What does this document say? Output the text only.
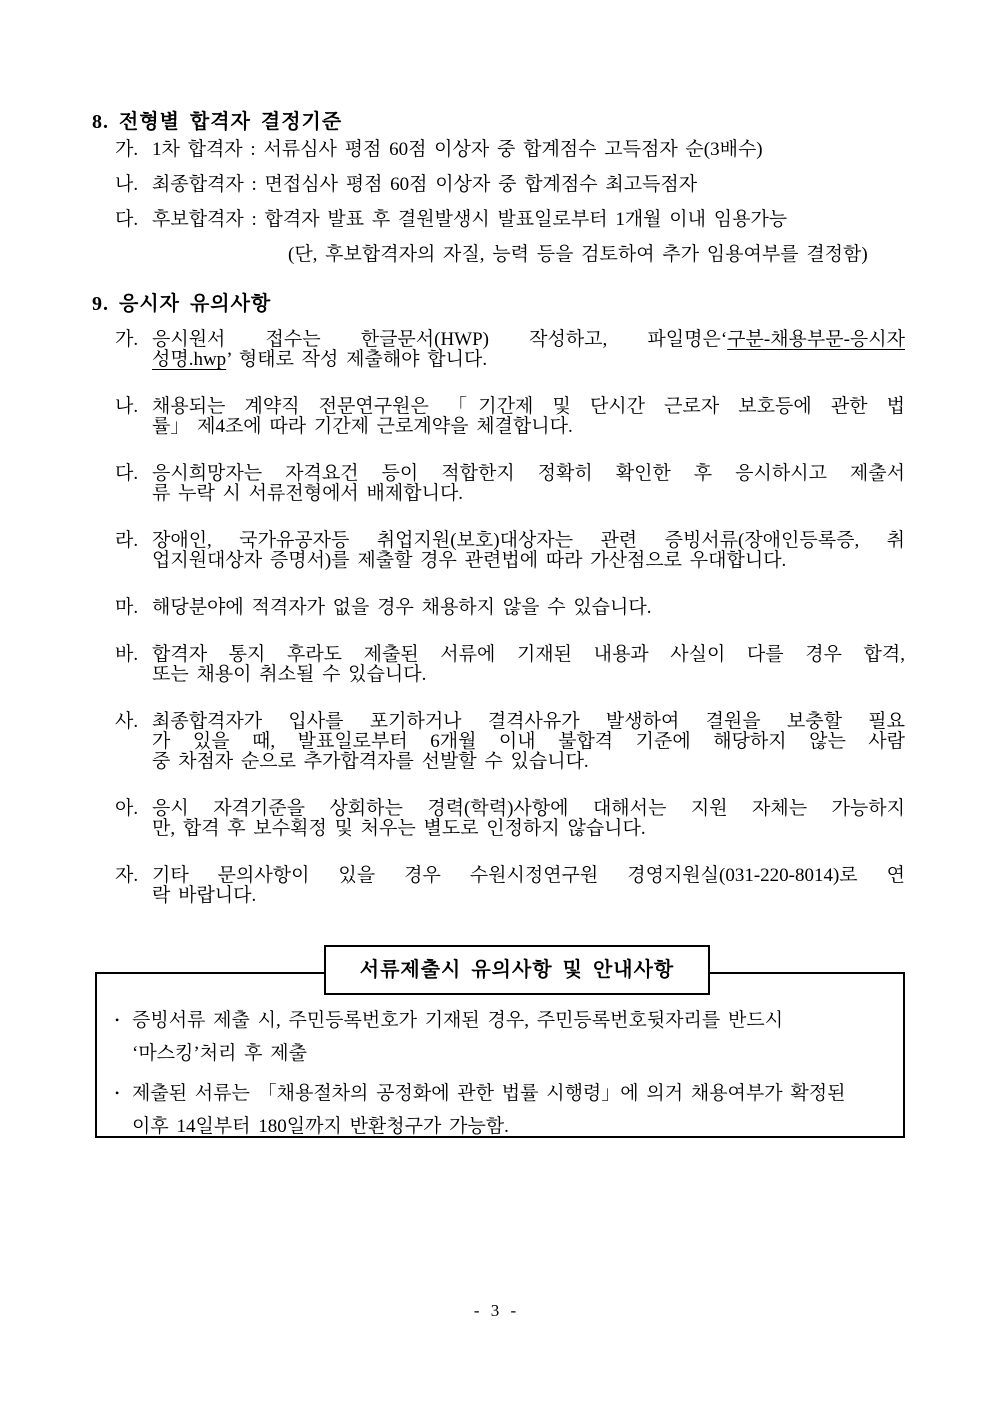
8. 전형별 합격자 결정기준
가. 1차 합격자 : 서류심사 평점 60점 이상자 중 합계점수 고득점자 순(3배수)
나. 최종합격자 : 면접심사 평점 60점 이상자 중 합계점수 최고득점자
다. 후보합격자 : 합격자 발표 후 결원발생시 발표일로부터 1개월 이내 임용가능
(단, 후보합격자의 자질, 능력 등을 검토하여 추가 임용여부를 결정함)
9. 응시자 유의사항
가. 응시원서 접수는 한글문서(HWP) 작성하고, 파일명은‘구분-채용부문-응시자
성명.hwp’ 형태로 작성 제출해야 합니다.
나. 채용되는 계약직 전문연구원은 「기간제 및 단시간 근로자 보호등에 관한 법
률」 제4조에 따라 기간제 근로계약을 체결합니다.
다. 응시희망자는 자격요건 등이 적합한지 정확히 확인한 후 응시하시고 제출서
류 누락 시 서류전형에서 배제합니다.
라. 장애인, 국가유공자등 취업지원(보호)대상자는 관련 증빙서류(장애인등록증, 취
업지원대상자 증명서)를 제출할 경우 관련법에 따라 가산점으로 우대합니다.
마. 해당분야에 적격자가 없을 경우 채용하지 않을 수 있습니다.
바. 합격자 통지 후라도 제출된 서류에 기재된 내용과 사실이 다를 경우 합격,
또는 채용이 취소될 수 있습니다.
사. 최종합격자가 입사를 포기하거나 결격사유가 발생하여 결원을 보충할 필요
가 있을 때, 발표일로부터 6개월 이내 불합격 기준에 해당하지 않는 사람
중 차점자 순으로 추가합격자를 선발할 수 있습니다.
아. 응시 자격기준을 상회하는 경력(학력)사항에 대해서는 지원 자체는 가능하지
만, 합격 후 보수획정 및 처우는 별도로 인정하지 않습니다.
자. 기타 문의사항이 있을 경우 수원시정연구원 경영지원실(031-220-8014)로 연
락 바랍니다.
• 증빙서류 제출 시, 주민등록번호가 기재된 경우, 주민등록번호뒷자리를 반드시
‘마스킹’처리 후 제출
• 제출된 서류는 「채용절차의 공정화에 관한 법률 시행령」에 의거 채용여부가 확정된
이후 14일부터 180일까지 반환청구가 가능함.
서류제출시 유의사항 및 안내사항
- 3 -
